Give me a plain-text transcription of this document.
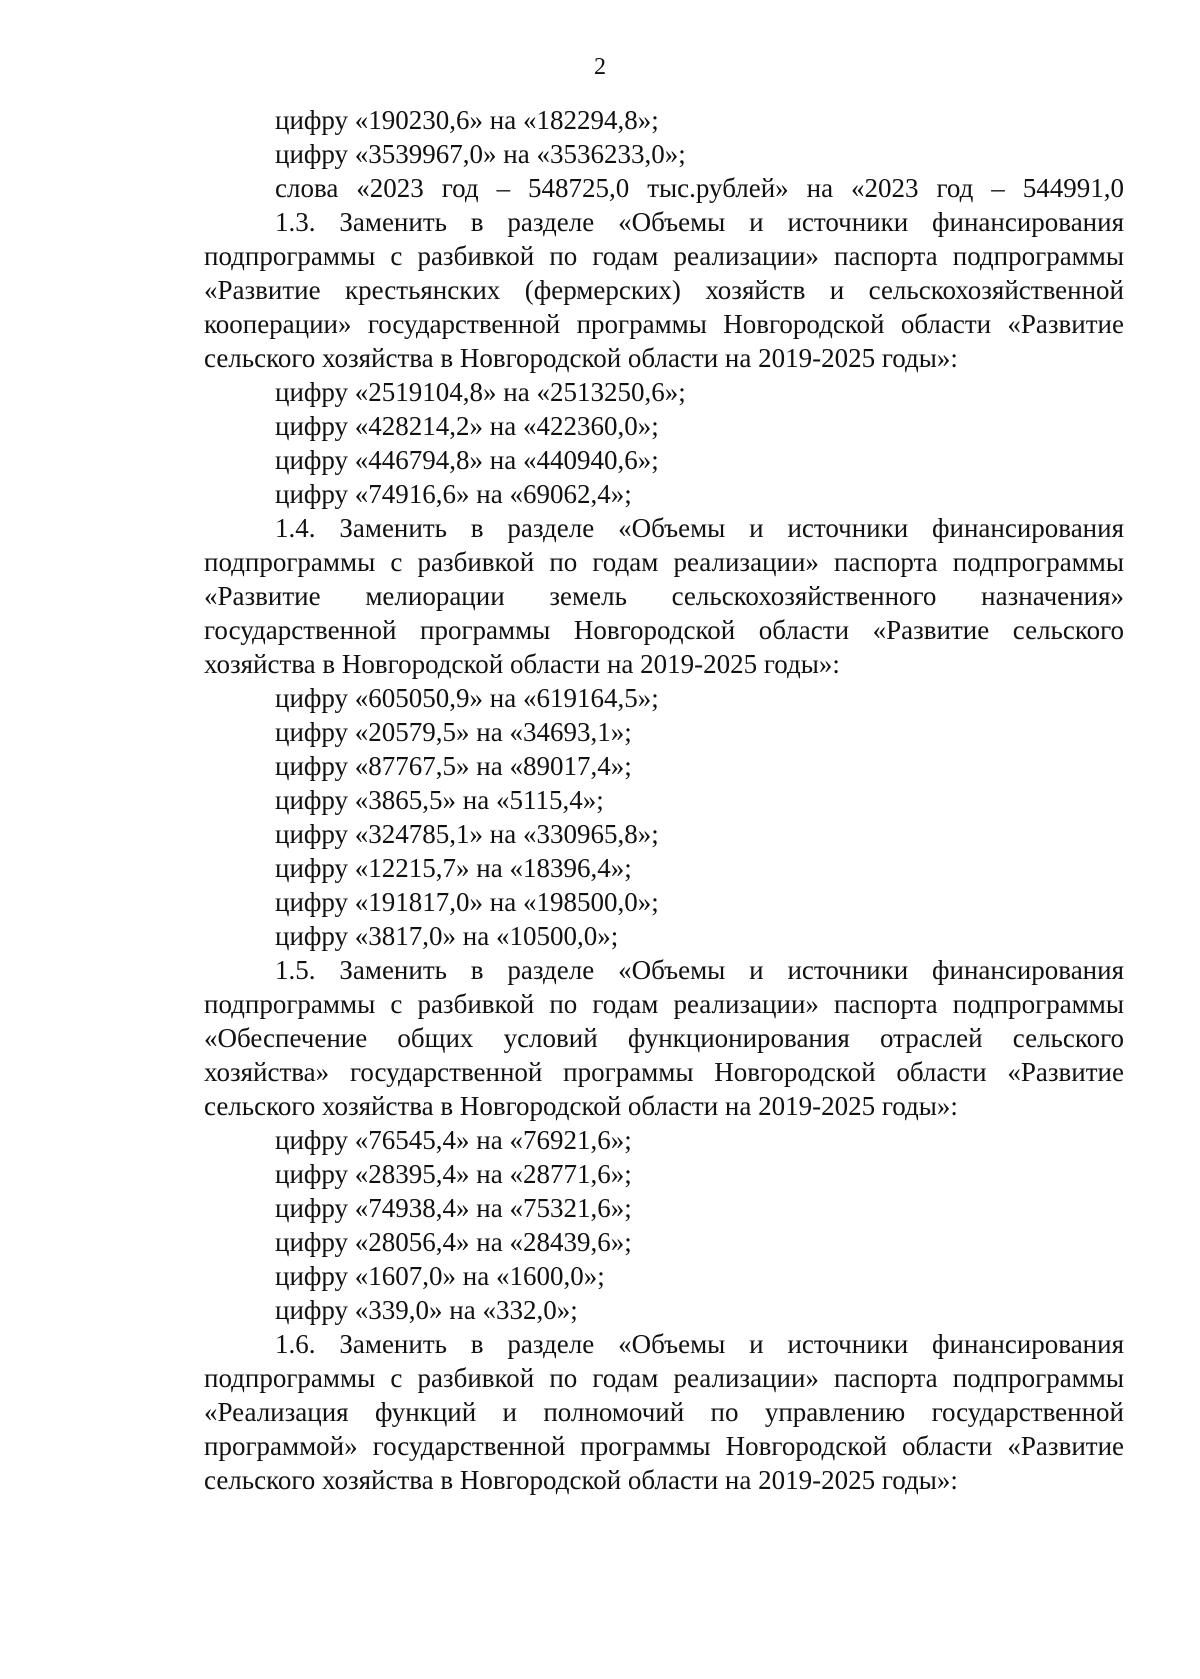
2
цифру «190230,6» на «182294,8»;
цифру «3539967,0» на «3536233,0»;
слова «2023 год – 548725,0 тыс.рублей» на «2023 год – 544991,0
1.3. Заменить в разделе «Объемы и источники финансирования
подпрограммы с разбивкой по годам реализации» паспорта подпрограммы
«Развитие крестьянских (фермерских) хозяйств и сельскохозяйственной
кооперации» государственной программы Новгородской области «Развитие
сельского хозяйства в Новгородской области на 2019-2025 годы»:
цифру «2519104,8» на «2513250,6»;
цифру «428214,2» на «422360,0»;
цифру «446794,8» на «440940,6»;
цифру «74916,6» на «69062,4»;
1.4. Заменить в разделе «Объемы и источники финансирования
подпрограммы с разбивкой по годам реализации» паспорта подпрограммы
«Развитие мелиорации земель сельскохозяйственного назначения»
государственной программы Новгородской области «Развитие сельского
хозяйства в Новгородской области на 2019-2025 годы»:
цифру «605050,9» на «619164,5»;
цифру «20579,5» на «34693,1»;
цифру «87767,5» на «89017,4»;
цифру «3865,5» на «5115,4»;
цифру «324785,1» на «330965,8»;
цифру «12215,7» на «18396,4»;
цифру «191817,0» на «198500,0»;
цифру «3817,0» на «10500,0»;
1.5. Заменить в разделе «Объемы и источники финансирования
подпрограммы с разбивкой по годам реализации» паспорта подпрограммы
«Обеспечение общих условий функционирования отраслей сельского
хозяйства» государственной программы Новгородской области «Развитие
сельского хозяйства в Новгородской области на 2019-2025 годы»:
цифру «76545,4» на «76921,6»;
цифру «28395,4» на «28771,6»;
цифру «74938,4» на «75321,6»;
цифру «28056,4» на «28439,6»;
цифру «1607,0» на «1600,0»;
цифру «339,0» на «332,0»;
1.6. Заменить в разделе «Объемы и источники финансирования
подпрограммы с разбивкой по годам реализации» паспорта подпрограммы
«Реализация функций и полномочий по управлению государственной
программой» государственной программы Новгородской области «Развитие
сельского хозяйства в Новгородской области на 2019-2025 годы»:
